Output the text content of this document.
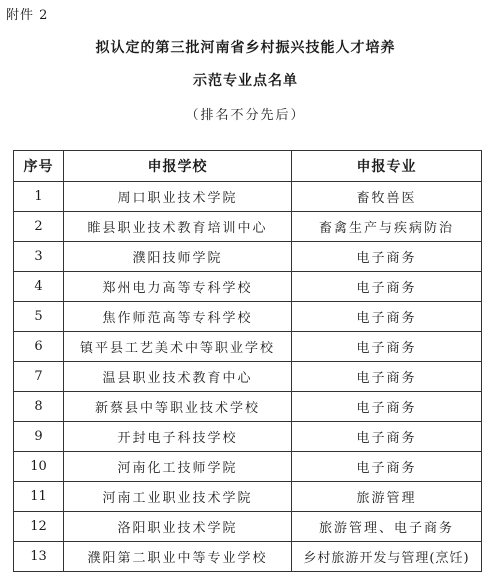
附件 2
拟认定的第三批河南省乡村振兴技能人才培养
示范专业点名单
（排名不分先后）
序号	申报学校	申报专业
1	周口职业技术学院	畜牧兽医
2	睢县职业技术教育培训中心	畜禽生产与疾病防治
3	濮阳技师学院	电子商务
4	郑州电力高等专科学校	电子商务
5	焦作师范高等专科学校	电子商务
6	镇平县工艺美术中等职业学校	电子商务
7	温县职业技术教育中心	电子商务
8	新蔡县中等职业技术学校	电子商务
9	开封电子科技学校	电子商务
10	河南化工技师学院	电子商务
11	河南工业职业技术学院	旅游管理
12	洛阳职业技术学院	旅游管理、电子商务
13	濮阳第二职业中等专业学校	乡村旅游开发与管理(烹饪)
